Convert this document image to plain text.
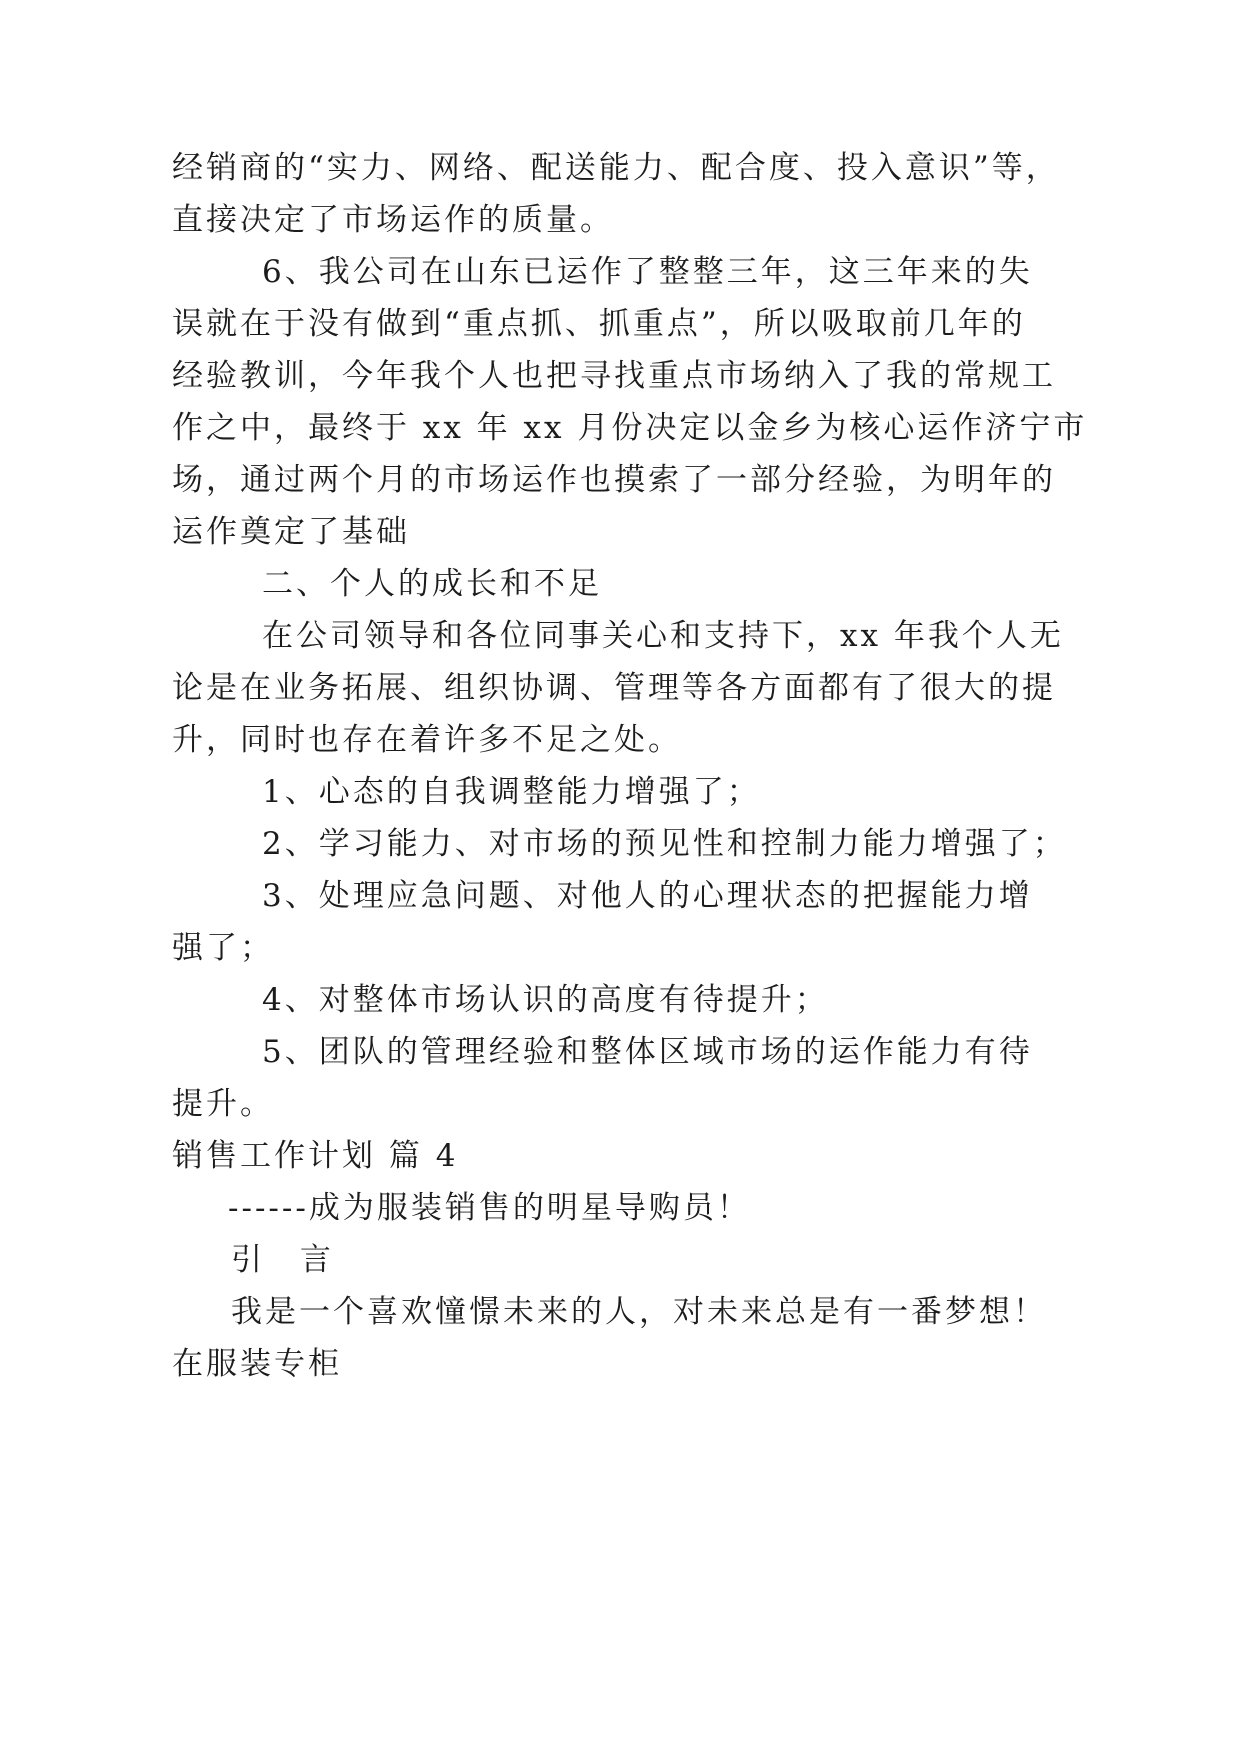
经销商的“实力、网络、配送能力、配合度、投入意识”等，
直接决定了市场运作的质量。
6、我公司在山东已运作了整整三年，这三年来的失
误就在于没有做到“重点抓、抓重点”，所以吸取前几年的
经验教训，今年我个人也把寻找重点市场纳入了我的常规工
作之中，最终于 xx 年 xx 月份决定以金乡为核心运作济宁市
场，通过两个月的市场运作也摸索了一部分经验，为明年的
运作奠定了基础
二、个人的成长和不足
在公司领导和各位同事关心和支持下，xx 年我个人无
论是在业务拓展、组织协调、管理等各方面都有了很大的提
升，同时也存在着许多不足之处。
1、心态的自我调整能力增强了；
2、学习能力、对市场的预见性和控制力能力增强了；
3、处理应急问题、对他人的心理状态的把握能力增
强了；
4、对整体市场认识的高度有待提升；
5、团队的管理经验和整体区域市场的运作能力有待
提升。
销售工作计划 篇 4
------成为服装销售的明星导购员！
引 言
我是一个喜欢憧憬未来的人，对未来总是有一番梦想！
在服装专柜
